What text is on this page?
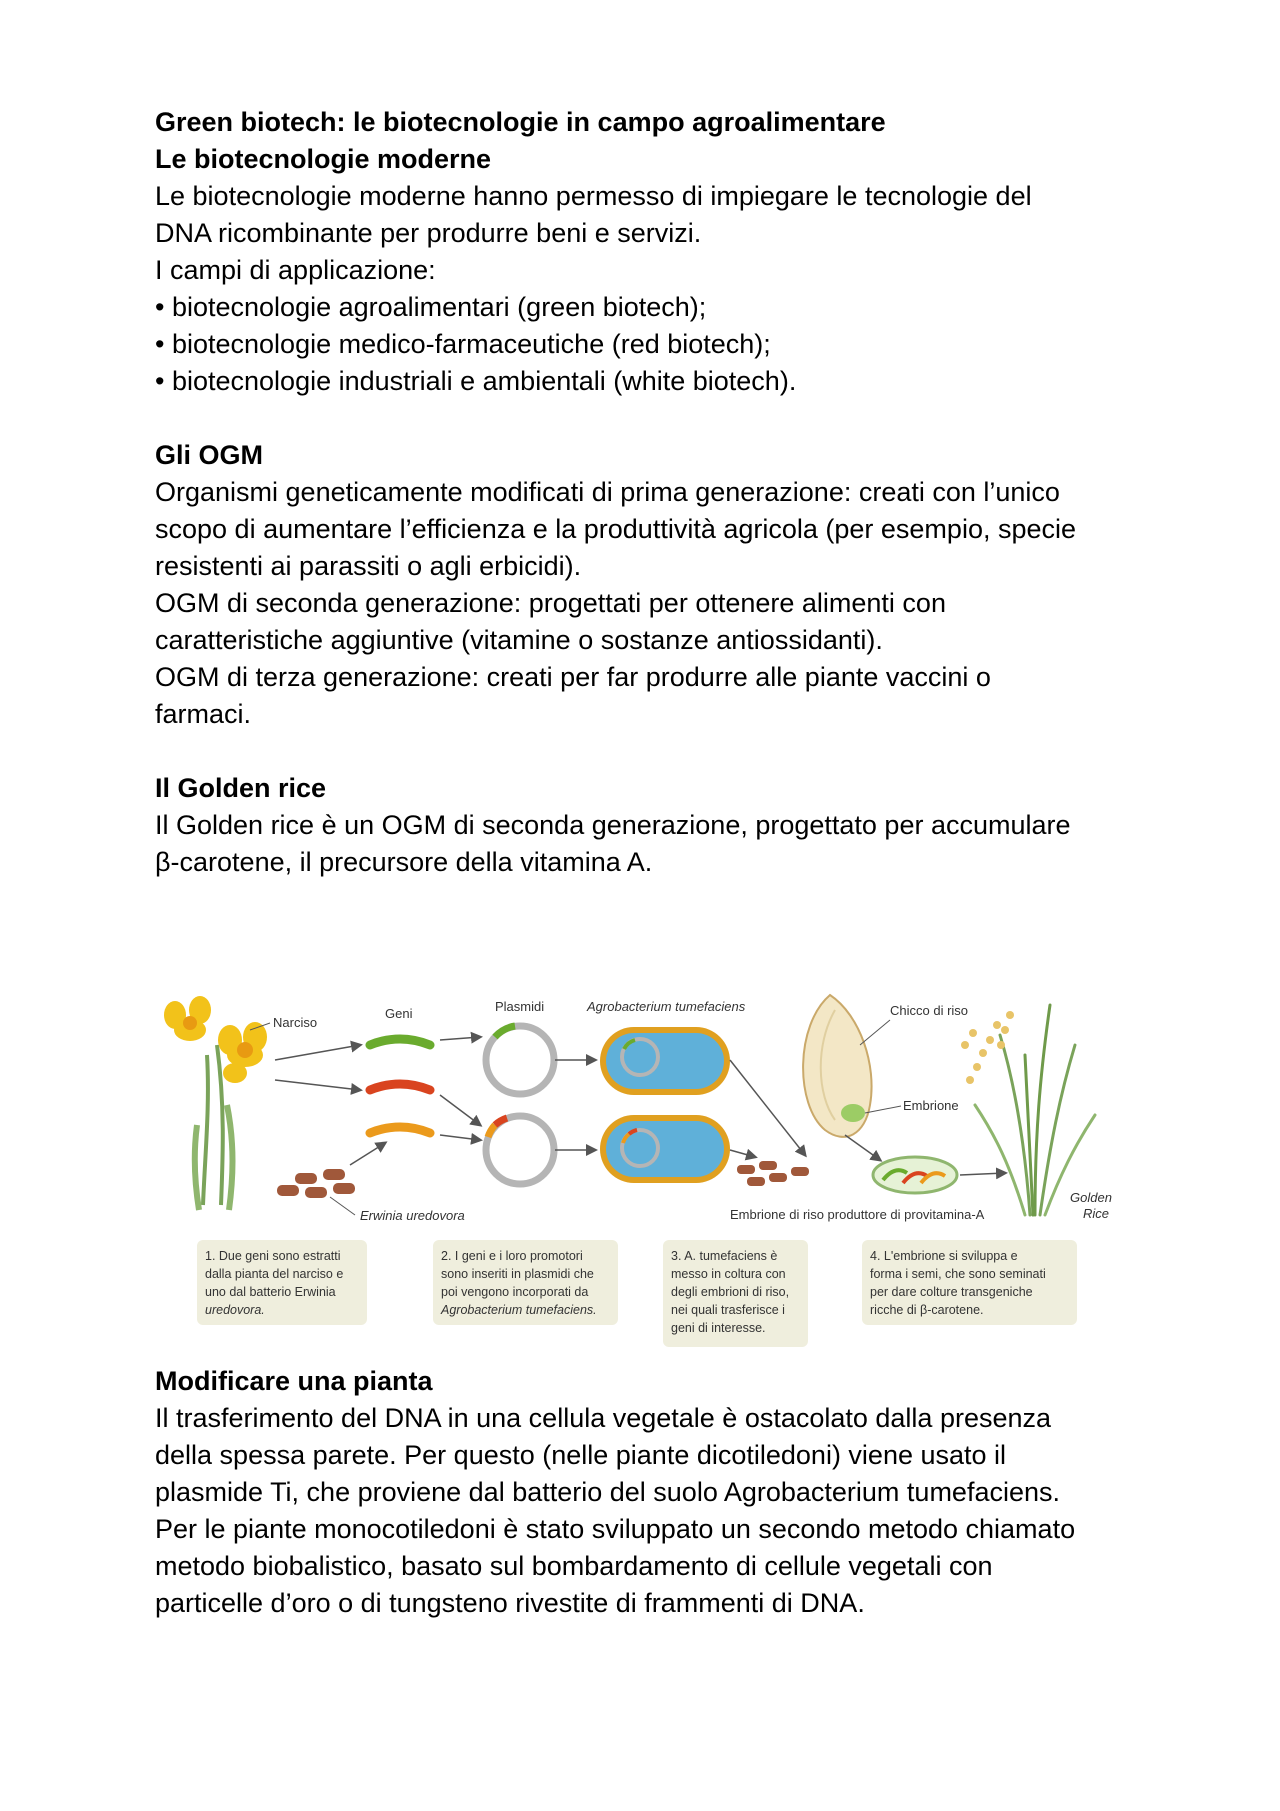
Green biotech: le biotecnologie in campo agroalimentare

Le biotecnologie moderne

Le biotecnologie moderne hanno permesso di impiegare le tecnologie del

DNA ricombinante per produrre beni e servizi.

I campi di applicazione:

• biotecnologie agroalimentari (green biotech);
• biotecnologie medico-farmaceutiche (red biotech);
• biotecnologie industriali e ambientali (white biotech).

Gli OGM

Organismi geneticamente modificati di prima generazione: creati con l’unico

scopo di aumentare l’efficienza e la produttività agricola (per esempio, specie

resistenti ai parassiti o agli erbicidi).

OGM di seconda generazione: progettati per ottenere alimenti con

caratteristiche aggiuntive (vitamine o sostanze antiossidanti).

OGM di terza generazione: creati per far produrre alle piante vaccini o

farmaci.

Il Golden rice

Il Golden rice è un OGM di seconda generazione, progettato per accumulare

β-carotene, il precursore della vitamina A.

Narciso
Geni	Plasmidi	Agrobacterium tumefaciens
Erwinia uredovora
Chicco di riso
Embrione
Embrione di riso produttore di provitamina-A
Golden
Rice
1. Due geni sono estratti dalla pianta del narciso e uno dal batterio Erwinia uredovora.
2. I geni e i loro promotori sono inseriti in plasmidi che poi vengono incorporati da Agrobacterium tumefaciens.
3. A. tumefaciens è messo in coltura con degli embrioni di riso, nei quali trasferisce i geni di interesse.
4. L'embrione si sviluppa e forma i semi, che sono seminati per dare colture transgeniche ricche di β-carotene.

Modificare una pianta

Il trasferimento del DNA in una cellula vegetale è ostacolato dalla presenza

della spessa parete. Per questo (nelle piante dicotiledoni) viene usato il

plasmide Ti, che proviene dal batterio del suolo Agrobacterium tumefaciens.

Per le piante monocotiledoni è stato sviluppato un secondo metodo chiamato

metodo biobalistico, basato sul bombardamento di cellule vegetali con

particelle d’oro o di tungsteno rivestite di frammenti di DNA.
